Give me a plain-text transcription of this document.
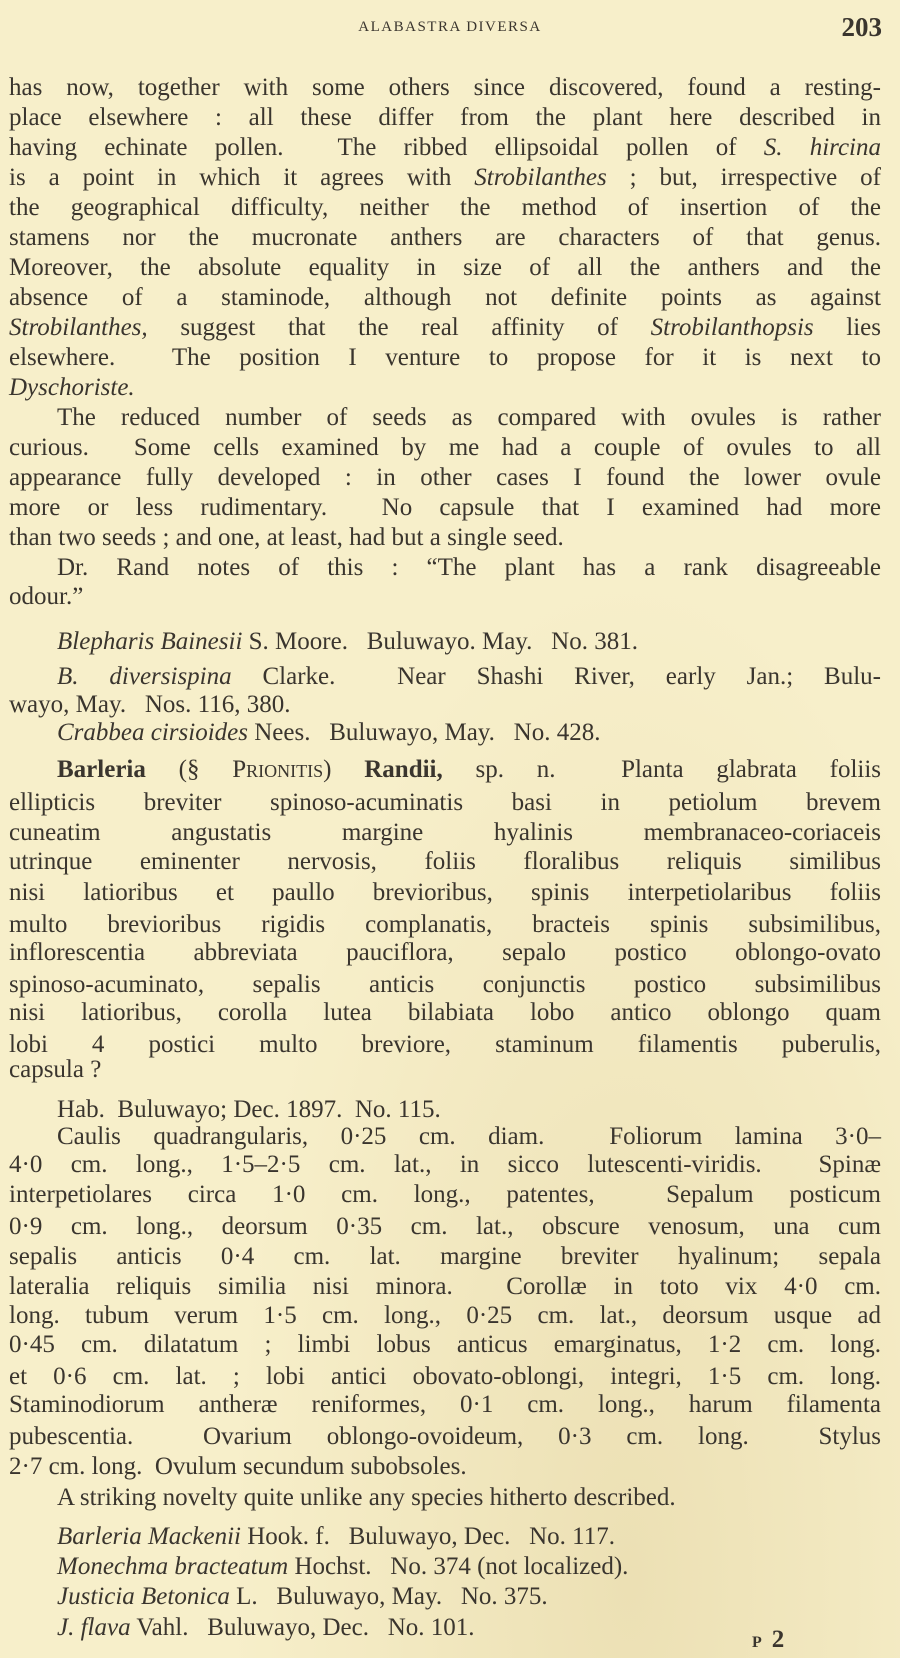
ALABASTRA DIVERSA	203
has now, together with some others since discovered, found a resting-
place elsewhere : all these differ from the plant here described in
having echinate pollen.  The ribbed ellipsoidal pollen of S. hircina
is a point in which it agrees with Strobilanthes ; but, irrespective of
the geographical difficulty, neither the method of insertion of the
stamens nor the mucronate anthers are characters of that genus.
Moreover, the absolute equality in size of all the anthers and the
absence of a staminode, although not definite points as against
Strobilanthes, suggest that the real affinity of Strobilanthopsis lies
elsewhere.  The position I venture to propose for it is next to
Dyschoriste.
The reduced number of seeds as compared with ovules is rather
curious.  Some cells examined by me had a couple of ovules to all
appearance fully developed : in other cases I found the lower ovule
more or less rudimentary.  No capsule that I examined had more
than two seeds ; and one, at least, had but a single seed.
Dr. Rand notes of this : “The plant has a rank disagreeable
odour.”
Blepharis Bainesii S. Moore.   Buluwayo. May.   No. 381.
B. diversispina Clarke.  Near Shashi River, early Jan.; Bulu-
wayo, May.   Nos. 116, 380.
Crabbea cirsioides Nees.   Buluwayo, May.   No. 428.
Barleria (§ Prionitis) Randii, sp. n.  Planta glabrata foliis
ellipticis breviter spinoso-acuminatis basi in petiolum brevem
cuneatim angustatis margine hyalinis membranaceo-coriaceis
utrinque eminenter nervosis, foliis floralibus reliquis similibus
nisi latioribus et paullo brevioribus, spinis interpetiolaribus foliis
multo brevioribus rigidis complanatis, bracteis spinis subsimilibus,
inflorescentia abbreviata pauciflora, sepalo postico oblongo-ovato
spinoso-acuminato, sepalis anticis conjunctis postico subsimilibus
nisi latioribus, corolla lutea bilabiata lobo antico oblongo quam
lobi 4 postici multo breviore, staminum filamentis puberulis,
capsula ?
Hab.  Buluwayo; Dec. 1897.  No. 115.
Caulis quadrangularis, 0·25 cm. diam.  Foliorum lamina 3·0–
4·0 cm. long., 1·5–2·5 cm. lat., in sicco lutescenti-viridis.  Spinæ
interpetiolares circa 1·0 cm. long., patentes,  Sepalum posticum
0·9 cm. long., deorsum 0·35 cm. lat., obscure venosum, una cum
sepalis anticis 0·4 cm. lat. margine breviter hyalinum; sepala
lateralia reliquis similia nisi minora.  Corollæ in toto vix 4·0 cm.
long. tubum verum 1·5 cm. long., 0·25 cm. lat., deorsum usque ad
0·45 cm. dilatatum ; limbi lobus anticus emarginatus, 1·2 cm. long.
et 0·6 cm. lat. ; lobi antici obovato-oblongi, integri, 1·5 cm. long.
Staminodiorum antheræ reniformes, 0·1 cm. long., harum filamenta
pubescentia.  Ovarium oblongo-ovoideum, 0·3 cm. long.  Stylus
2·7 cm. long.  Ovulum secundum subobsoles.
A striking novelty quite unlike any species hitherto described.
Barleria Mackenii Hook. f.   Buluwayo, Dec.   No. 117.
Monechma bracteatum Hochst.   No. 374 (not localized).
Justicia Betonica L.   Buluwayo, May.   No. 375.
J. flava Vahl.   Buluwayo, Dec.   No. 101.
P 2
